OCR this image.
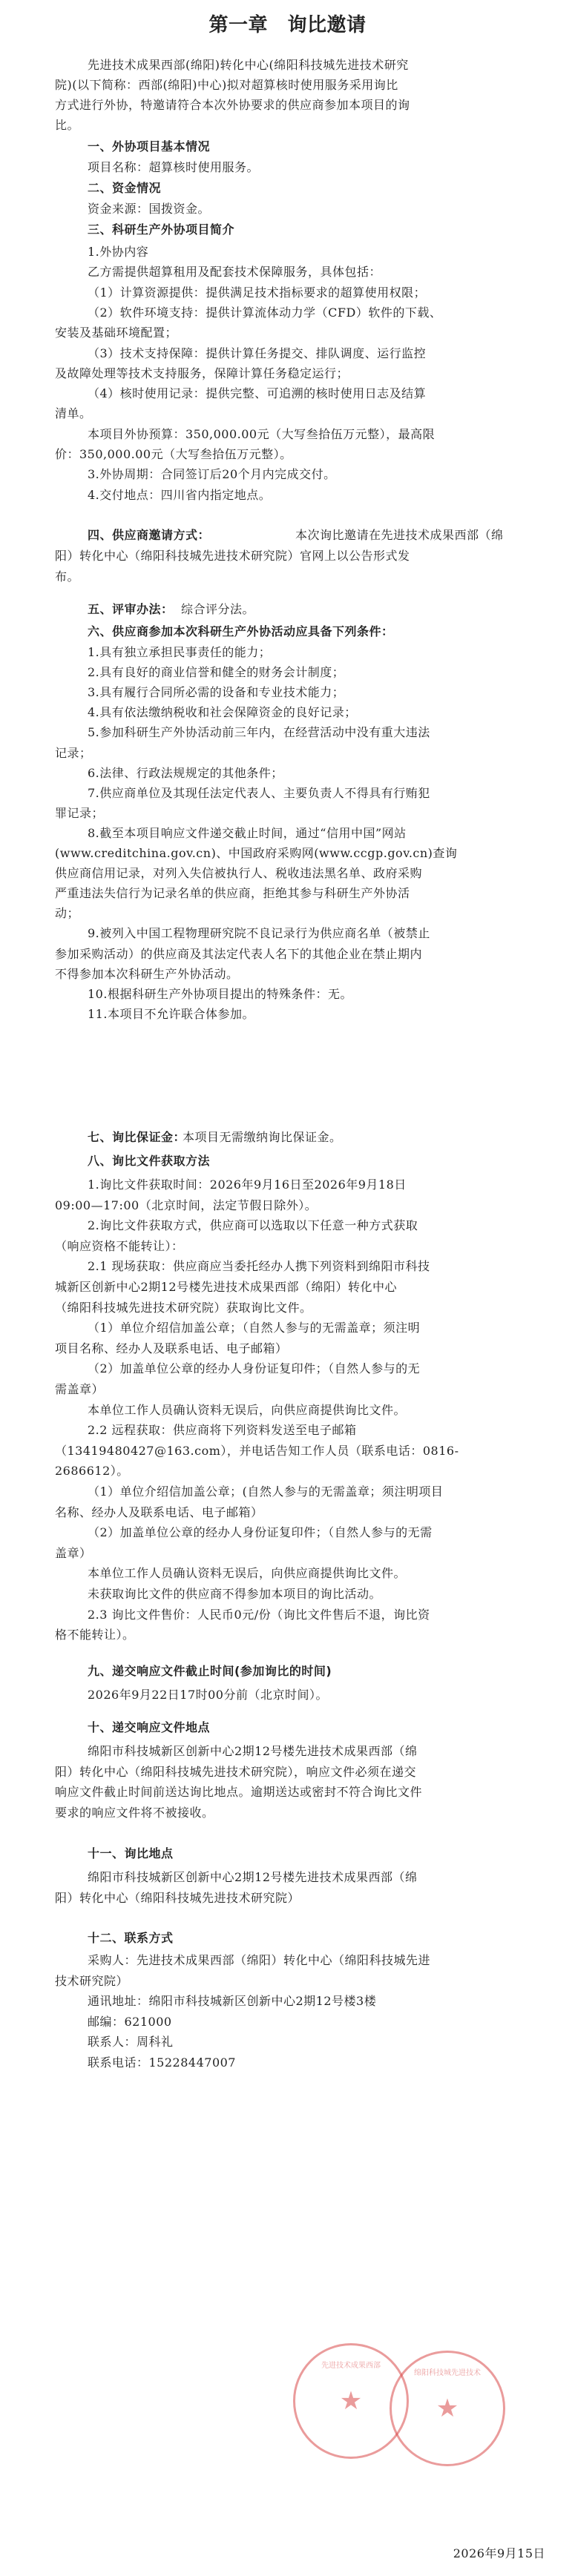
第一章　询比邀请
先进技术成果西部(绵阳)转化中心(绵阳科技城先进技术研究
院)(以下简称：西部(绵阳)中心)拟对超算核时使用服务采用询比
方式进行外协，特邀请符合本次外协要求的供应商参加本项目的询
比。
一、外协项目基本情况
项目名称：超算核时使用服务。
二、资金情况
资金来源：国拨资金。
三、科研生产外协项目简介
1.外协内容
乙方需提供超算租用及配套技术保障服务，具体包括：
（1）计算资源提供：提供满足技术指标要求的超算使用权限；
（2）软件环境支持：提供计算流体动力学（CFD）软件的下载、
安装及基础环境配置；
（3）技术支持保障：提供计算任务提交、排队调度、运行监控
及故障处理等技术支持服务，保障计算任务稳定运行；
（4）核时使用记录：提供完整、可追溯的核时使用日志及结算
清单。
本项目外协预算：350,000.00元（大写叁拾伍万元整），最高限
价：350,000.00元（大写叁拾伍万元整）。
3.外协周期：合同签订后20个月内完成交付。
4.交付地点：四川省内指定地点。
四、供应商邀请方式：	本次询比邀请在先进技术成果西部（绵
阳）转化中心（绵阳科技城先进技术研究院）官网上以公告形式发
布。
五、评审办法： 综合评分法。
六、供应商参加本次科研生产外协活动应具备下列条件：
1.具有独立承担民事责任的能力；
2.具有良好的商业信誉和健全的财务会计制度；
3.具有履行合同所必需的设备和专业技术能力；
4.具有依法缴纳税收和社会保障资金的良好记录；
5.参加科研生产外协活动前三年内，在经营活动中没有重大违法
记录；
6.法律、行政法规规定的其他条件；
7.供应商单位及其现任法定代表人、主要负责人不得具有行贿犯
罪记录；
8.截至本项目响应文件递交截止时间，通过“信用中国”网站
(www.creditchina.gov.cn)、中国政府采购网(www.ccgp.gov.cn)查询
供应商信用记录，对列入失信被执行人、税收违法黑名单、政府采购
严重违法失信行为记录名单的供应商，拒绝其参与科研生产外协活
动；
9.被列入中国工程物理研究院不良记录行为供应商名单（被禁止
参加采购活动）的供应商及其法定代表人名下的其他企业在禁止期内
不得参加本次科研生产外协活动。
10.根据科研生产外协项目提出的特殊条件：无。
11.本项目不允许联合体参加。
七、询比保证金：
本项目无需缴纳询比保证金。
八、询比文件获取方法
1.询比文件获取时间：2026年9月16日至2026年9月18日
09:00—17:00（北京时间，法定节假日除外）。
2.询比文件获取方式，供应商可以选取以下任意一种方式获取
（响应资格不能转让）：
2.1 现场获取：供应商应当委托经办人携下列资料到绵阳市科技
城新区创新中心2期12号楼先进技术成果西部（绵阳）转化中心
（绵阳科技城先进技术研究院）获取询比文件。
（1）单位介绍信加盖公章；（自然人参与的无需盖章；须注明
项目名称、经办人及联系电话、电子邮箱）
（2）加盖单位公章的经办人身份证复印件；（自然人参与的无
需盖章）
本单位工作人员确认资料无误后，向供应商提供询比文件。
2.2 远程获取：供应商将下列资料发送至电子邮箱
（13419480427@163.com），并电话告知工作人员（联系电话：0816-
2686612）。
（1）单位介绍信加盖公章；(自然人参与的无需盖章；须注明项目
名称、经办人及联系电话、电子邮箱）
（2）加盖单位公章的经办人身份证复印件；（自然人参与的无需
盖章）
本单位工作人员确认资料无误后，向供应商提供询比文件。
未获取询比文件的供应商不得参加本项目的询比活动。
2.3 询比文件售价：人民币0元/份（询比文件售后不退，询比资
格不能转让）。
九、递交响应文件截止时间(参加询比的时间)
2026年9月22日17时00分前（北京时间）。
十、递交响应文件地点
绵阳市科技城新区创新中心2期12号楼先进技术成果西部（绵
阳）转化中心（绵阳科技城先进技术研究院），响应文件必须在递交
响应文件截止时间前送达询比地点。逾期送达或密封不符合询比文件
要求的响应文件将不被接收。
十一、询比地点
绵阳市科技城新区创新中心2期12号楼先进技术成果西部（绵
阳）转化中心（绵阳科技城先进技术研究院）
十二、联系方式
采购人：先进技术成果西部（绵阳）转化中心（绵阳科技城先进
技术研究院）
通讯地址：绵阳市科技城新区创新中心2期12号楼3楼
邮编：621000
联系人：周科礼
联系电话：15228447007
2026年9月15日
先进技术成果西部
★
绵阳科技城先进技术
★
